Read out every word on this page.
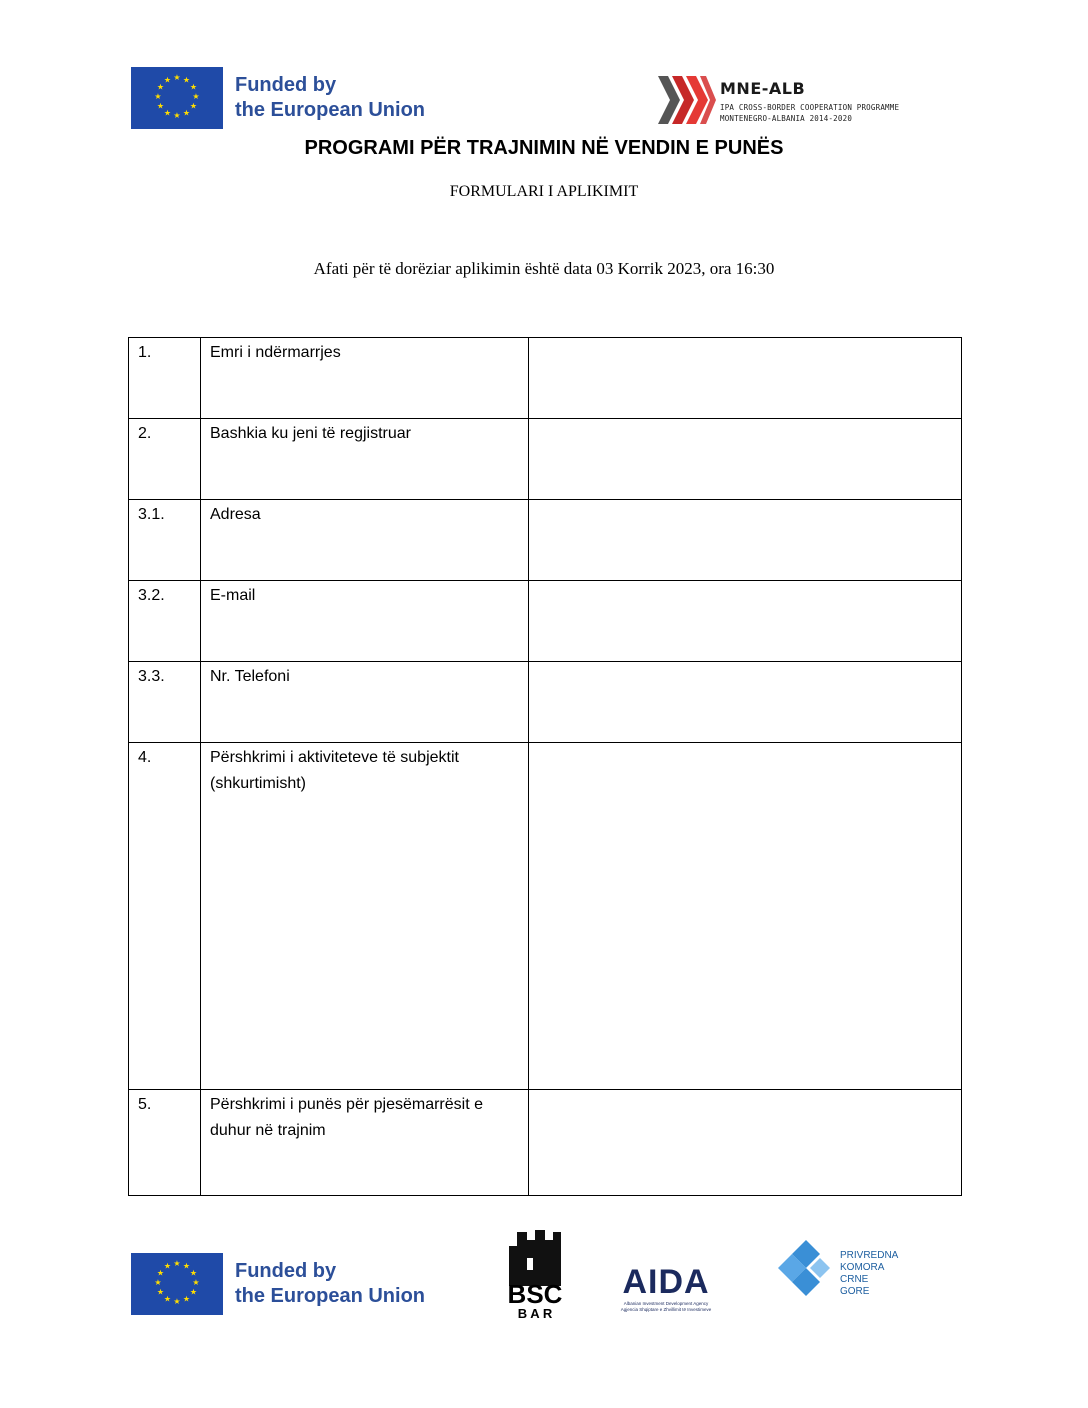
★ ★
★
★
★
★
★
★
★
★
★
★	Funded by
the European Union
MNE-ALB
IPA CROSS-BORDER COOPERATION PROGRAMME
MONTENEGRO-ALBANIA 2014-2020
PROGRAMI PËR TRAJNIMIN NË VENDIN E PUNËS
FORMULARI I APLIKIMIT
Afati për të dorëziar aplikimin është data 03 Korrik 2023, ora 16:30
1.	Emri i ndërmarrjes	
2.	Bashkia ku jeni të regjistruar	
3.1.	Adresa	
3.2.	E-mail	
3.3.	Nr. Telefoni	
4.	Përshkrimi i aktiviteteve të subjektit (shkurtimisht)	
5.	Përshkrimi i punës për pjesëmarrësit e duhur në trajnim	
★ ★
★
★
★
★
★
★
★
★
★
★	Funded by
the European Union	BSC
B A R
AIDA
Albanian Investment Development Agency
Agjencia Shqiptare e Zhvillimit të Investimeve
PRIVREDNA
KOMORA
CRNE GORE
